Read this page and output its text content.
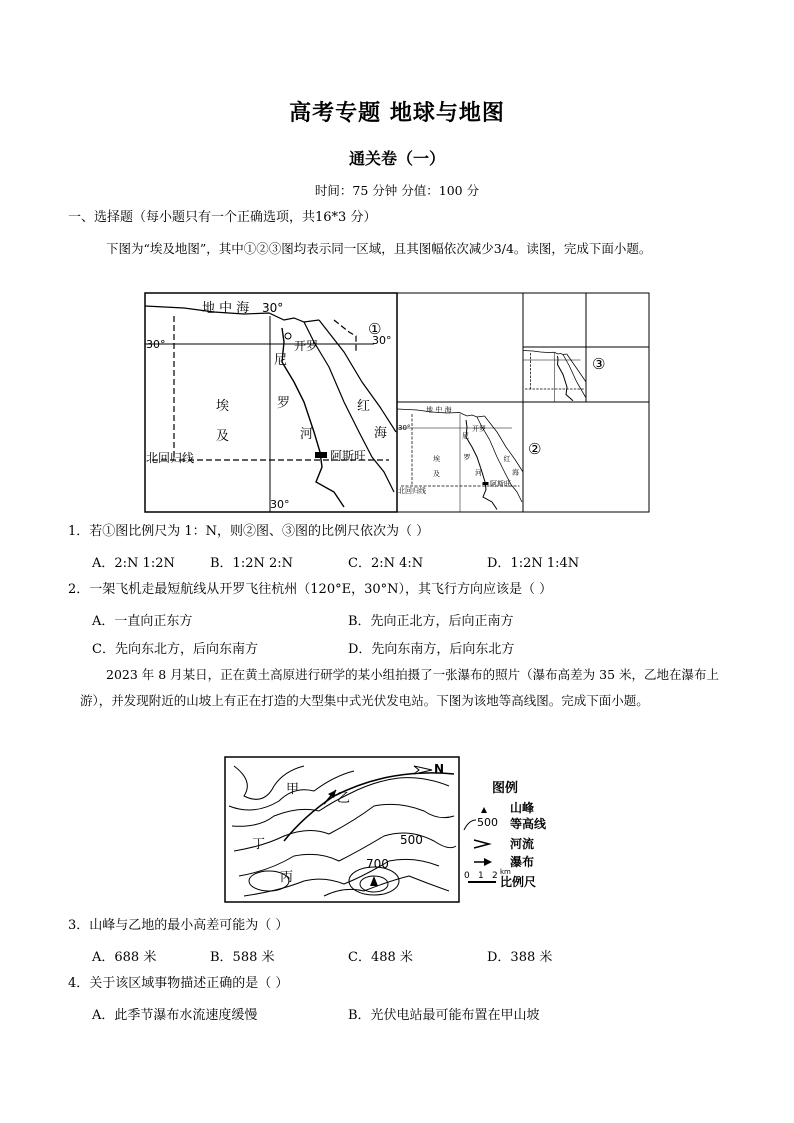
高考专题 地球与地图
通关卷（一）
时间：75 分钟 分值：100 分
一、选择题（每小题只有一个正确选项，共16*3 分）
下图为“埃及地图”，其中①②③图均表示同一区域，且其图幅依次减少3/4。读图，完成下面小题。
地 中 海 30°
30°	30°
30°
开罗
尼
罗
河
埃
及
红
海
阿斯旺
北回归线
①
②
③
地 中 海
30°	开罗
阿斯旺
北回归线
埃
及
尼
罗
河
红
海
1．若①图比例尺为 1：N，则②图、③图的比例尺依次为（ ）
A．2:N 1:2N	B．1:2N 2:N	C．2:N 4:N	D．1:2N 1:4N
2．一架飞机走最短航线从开罗飞往杭州（120°E，30°N），其飞行方向应该是（ ）
A．一直向正东方	B．先向正北方，后向正南方
C．先向东北方，后向东南方	D．先向东南方，后向东北方
2023 年 8 月某日，正在黄土高原进行研学的某小组拍摄了一张瀑布的照片（瀑布高差为 35 米，乙地在瀑布上游），并发现附近的山坡上有正在打造的大型集中式光伏发电站。下图为该地等高线图。完成下面小题。
N
甲
乙
丙
丁	500
700
图例
山峰
500 等高线
河流
瀑布
0 1 2 km
比例尺
3．山峰与乙地的最小高差可能为（ ）
A．688 米	B．588 米	C．488 米	D．388 米
4．关于该区域事物描述正确的是（ ）
A．此季节瀑布水流速度缓慢	B．光伏电站最可能布置在甲山坡
